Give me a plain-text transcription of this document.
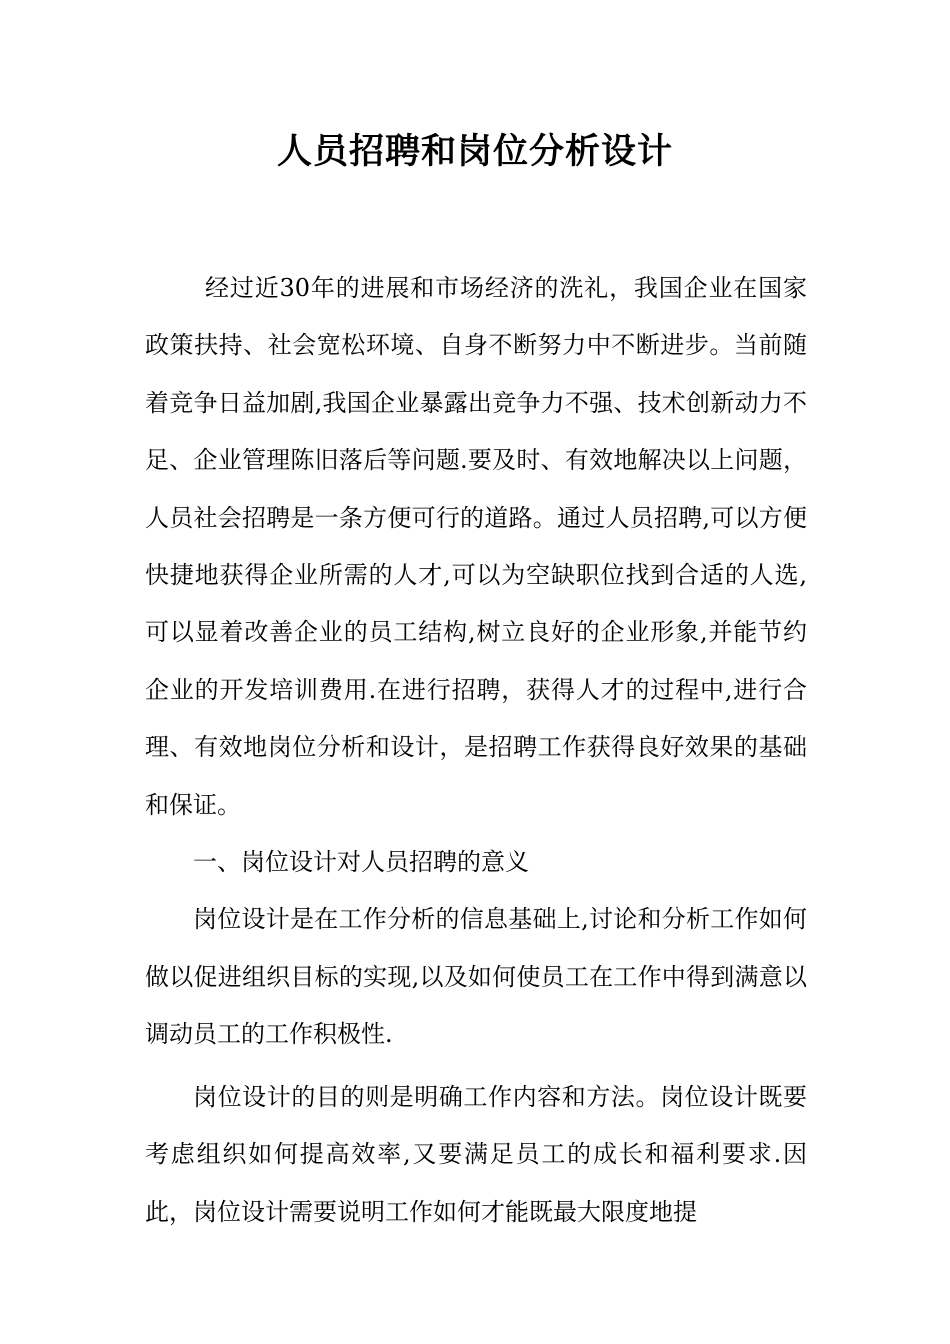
人员招聘和岗位分析设计

经过近30年的进展和市场经济的洗礼，我国企业在国家政策扶持、社会宽松环境、自身不断努力中不断进步。当前随着竞争日益加剧,我国企业暴露出竞争力不强、技术创新动力不足、企业管理陈旧落后等问题.要及时、有效地解决以上问题，人员社会招聘是一条方便可行的道路。通过人员招聘,可以方便快捷地获得企业所需的人才,可以为空缺职位找到合适的人选,可以显着改善企业的员工结构,树立良好的企业形象,并能节约企业的开发培训费用.在进行招聘，获得人才的过程中,进行合理、有效地岗位分析和设计，是招聘工作获得良好效果的基础和保证。

一、岗位设计对人员招聘的意义

岗位设计是在工作分析的信息基础上,讨论和分析工作如何做以促进组织目标的实现,以及如何使员工在工作中得到满意以调动员工的工作积极性.

岗位设计的目的则是明确工作内容和方法。岗位设计既要考虑组织如何提高效率,又要满足员工的成长和福利要求.因此，岗位设计需要说明工作如何才能既最大限度地提
